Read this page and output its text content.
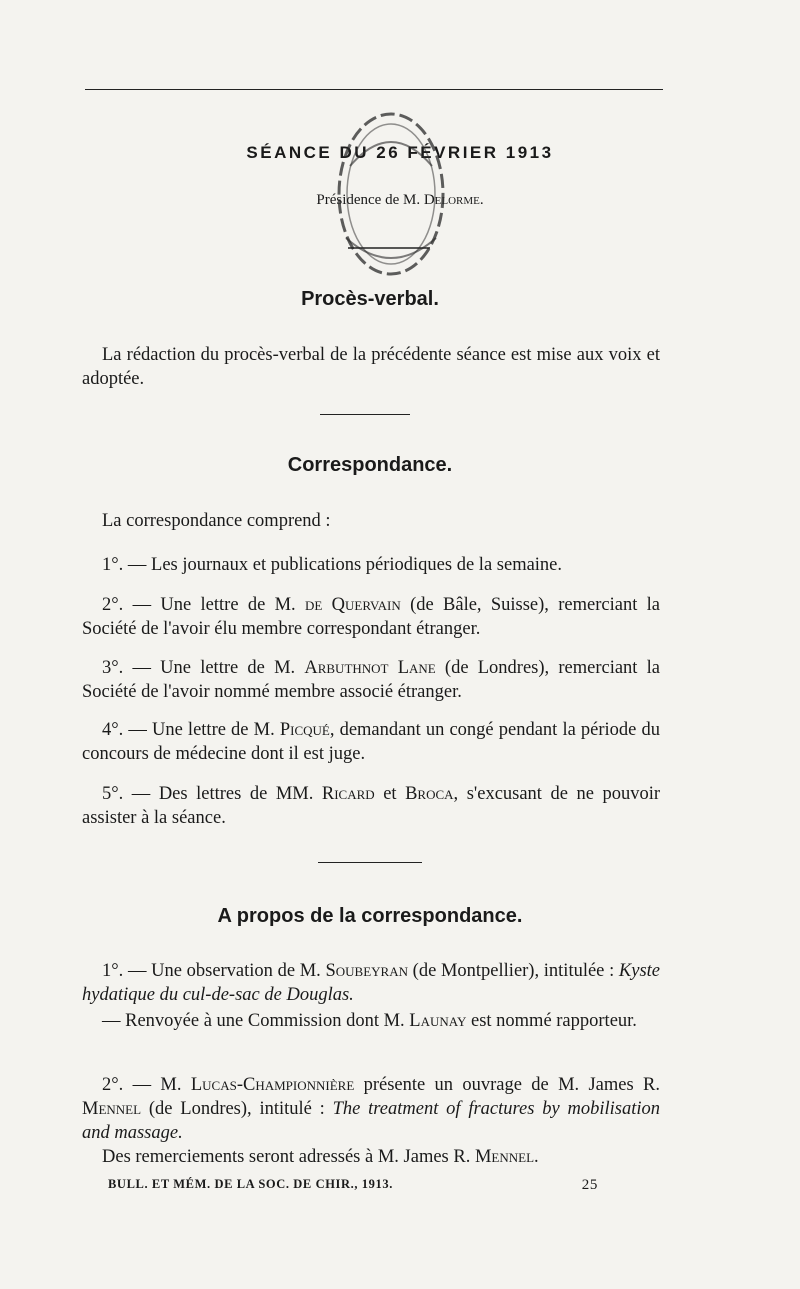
SÉANCE DU 26 FÉVRIER 1913
Présidence de M. Delorme.
Procès-verbal.
La rédaction du procès-verbal de la précédente séance est mise aux voix et adoptée.
Correspondance.
La correspondance comprend :
1°. — Les journaux et publications périodiques de la semaine.
2°. — Une lettre de M. de Quervain (de Bâle, Suisse), remerciant la Société de l'avoir élu membre correspondant étranger.
3°. — Une lettre de M. Arbuthnot Lane (de Londres), remerciant la Société de l'avoir nommé membre associé étranger.
4°. — Une lettre de M. Picqué, demandant un congé pendant la période du concours de médecine dont il est juge.
5°. — Des lettres de MM. Ricard et Broca, s'excusant de ne pouvoir assister à la séance.
A propos de la correspondance.
1°. — Une observation de M. Soubeyran (de Montpellier), intitulée : Kyste hydatique du cul-de-sac de Douglas.
— Renvoyée à une Commission dont M. Launay est nommé rapporteur.
2°. — M. Lucas-Championnière présente un ouvrage de M. James R. Mennel (de Londres), intitulé : The treatment of fractures by mobilisation and massage.
Des remerciements seront adressés à M. James R. Mennel.
BULL. ET MÉM. DE LA SOC. DE CHIR., 1913.	25
